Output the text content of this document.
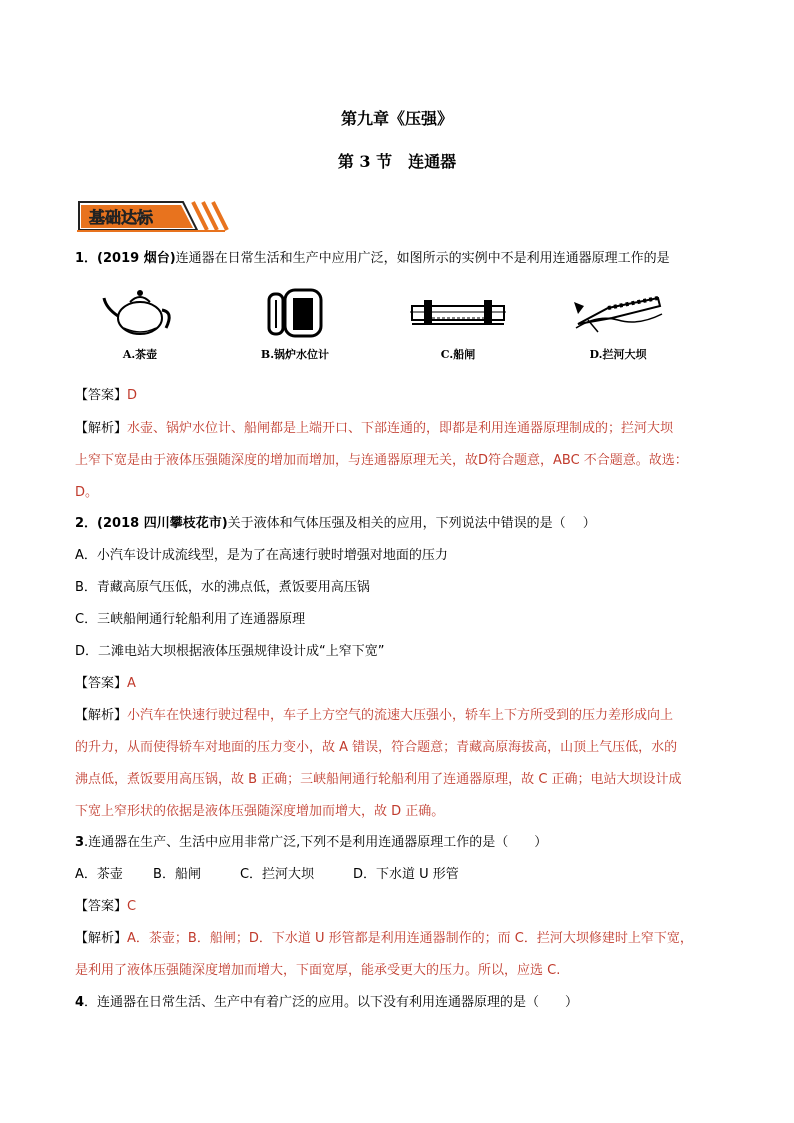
第九章《压强》
第 3 节　连通器
基础达标
1．(2019 烟台)连通器在日常生活和生产中应用广泛，如图所示的实例中不是利用连通器原理工作的是
A.茶壶	B.锅炉水位计	C.船闸	D.拦河大坝
【答案】D
【解析】水壶、锅炉水位计、船闸都是上端开口、下部连通的，即都是利用连通器原理制成的；拦河大坝
上窄下宽是由于液体压强随深度的增加而增加，与连通器原理无关，故D符合题意，ABC 不合题意。故选：
D。
2．(2018 四川攀枝花市)关于液体和气体压强及相关的应用，下列说法中错误的是（　 ）
A．小汽车设计成流线型，是为了在高速行驶时增强对地面的压力
B．青藏高原气压低，水的沸点低，煮饭要用高压锅
C．三峡船闸通行轮船利用了连通器原理
D．二滩电站大坝根据液体压强规律设计成“上窄下宽”
【答案】A
【解析】小汽车在快速行驶过程中，车子上方空气的流速大压强小，轿车上下方所受到的压力差形成向上
的升力，从而使得轿车对地面的压力变小，故 A 错误，符合题意；青藏高原海拔高，山顶上气压低，水的
沸点低，煮饭要用高压锅，故 B 正确；三峡船闸通行轮船利用了连通器原理，故 C 正确；电站大坝设计成
下宽上窄形状的依据是液体压强随深度增加而增大，故 D 正确。
3.连通器在生产、生活中应用非常广泛,下列不是利用连通器原理工作的是（　　）
A．茶壶　　 B．船闸　　　C．拦河大坝　　　D．下水道 U 形管
【答案】C
【解析】A．茶壶；B．船闸；D．下水道 U 形管都是利用连通器制作的；而 C．拦河大坝修建时上窄下宽，
是利用了液体压强随深度增加而增大，下面宽厚，能承受更大的压力。所以，应选 C.
4．连通器在日常生活、生产中有着广泛的应用。以下没有利用连通器原理的是（　　）
